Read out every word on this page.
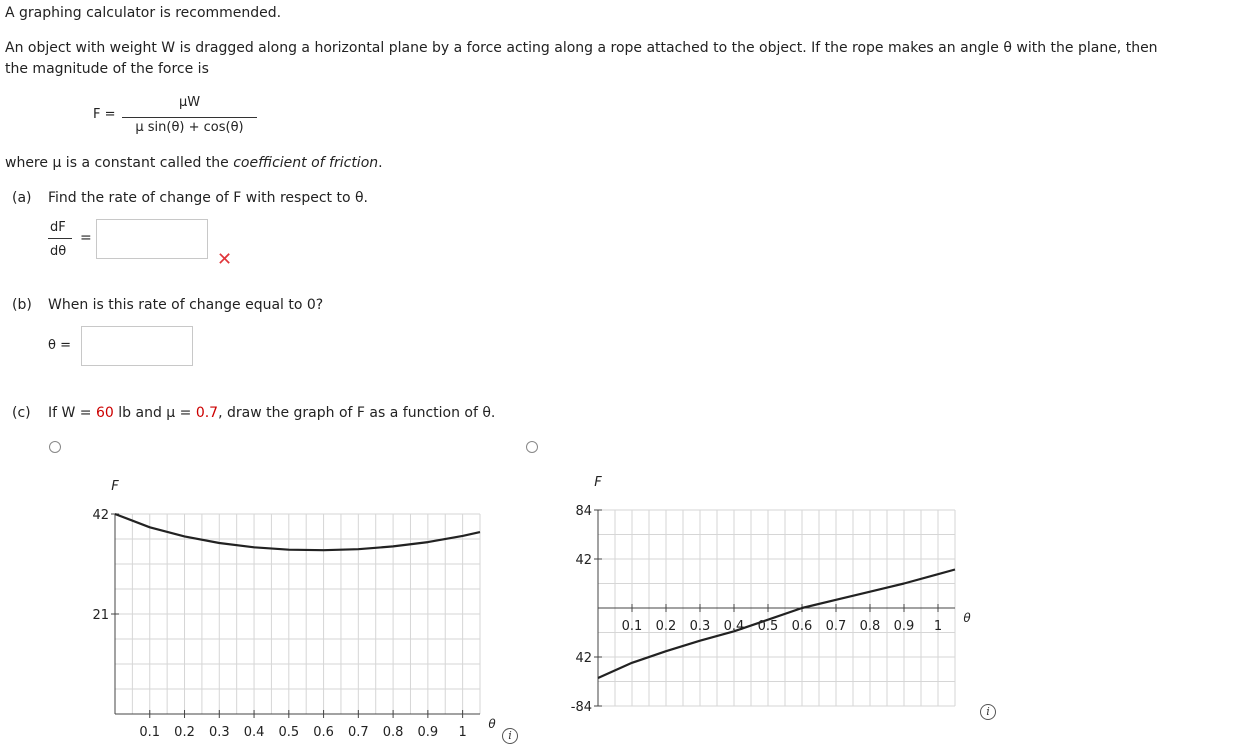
A graphing calculator is recommended.
An object with weight W is dragged along a horizontal plane by a force acting along a rope attached to the object. If the rope makes an angle θ with the plane, then
the magnitude of the force is
F =
μW
μ sin(θ) + cos(θ)
where μ is a constant called the coefficient of friction.
(a) Find the rate of change of F with respect to θ.
dF
dθ
=
✕
(b) When is this rate of change equal to 0?
θ =
(c) If W = 60 lb and μ = 0.7, draw the graph of F as a function of θ.
0.1 0.2 0.3 0.4 0.5 0.6 0.7 0.8 0.9 1
21
42
F
θ
0.1 0.2 0.3 0.4 0.5 0.6 0.7 0.8 0.9 1
84
42
42
-84
F
θ
i
i
